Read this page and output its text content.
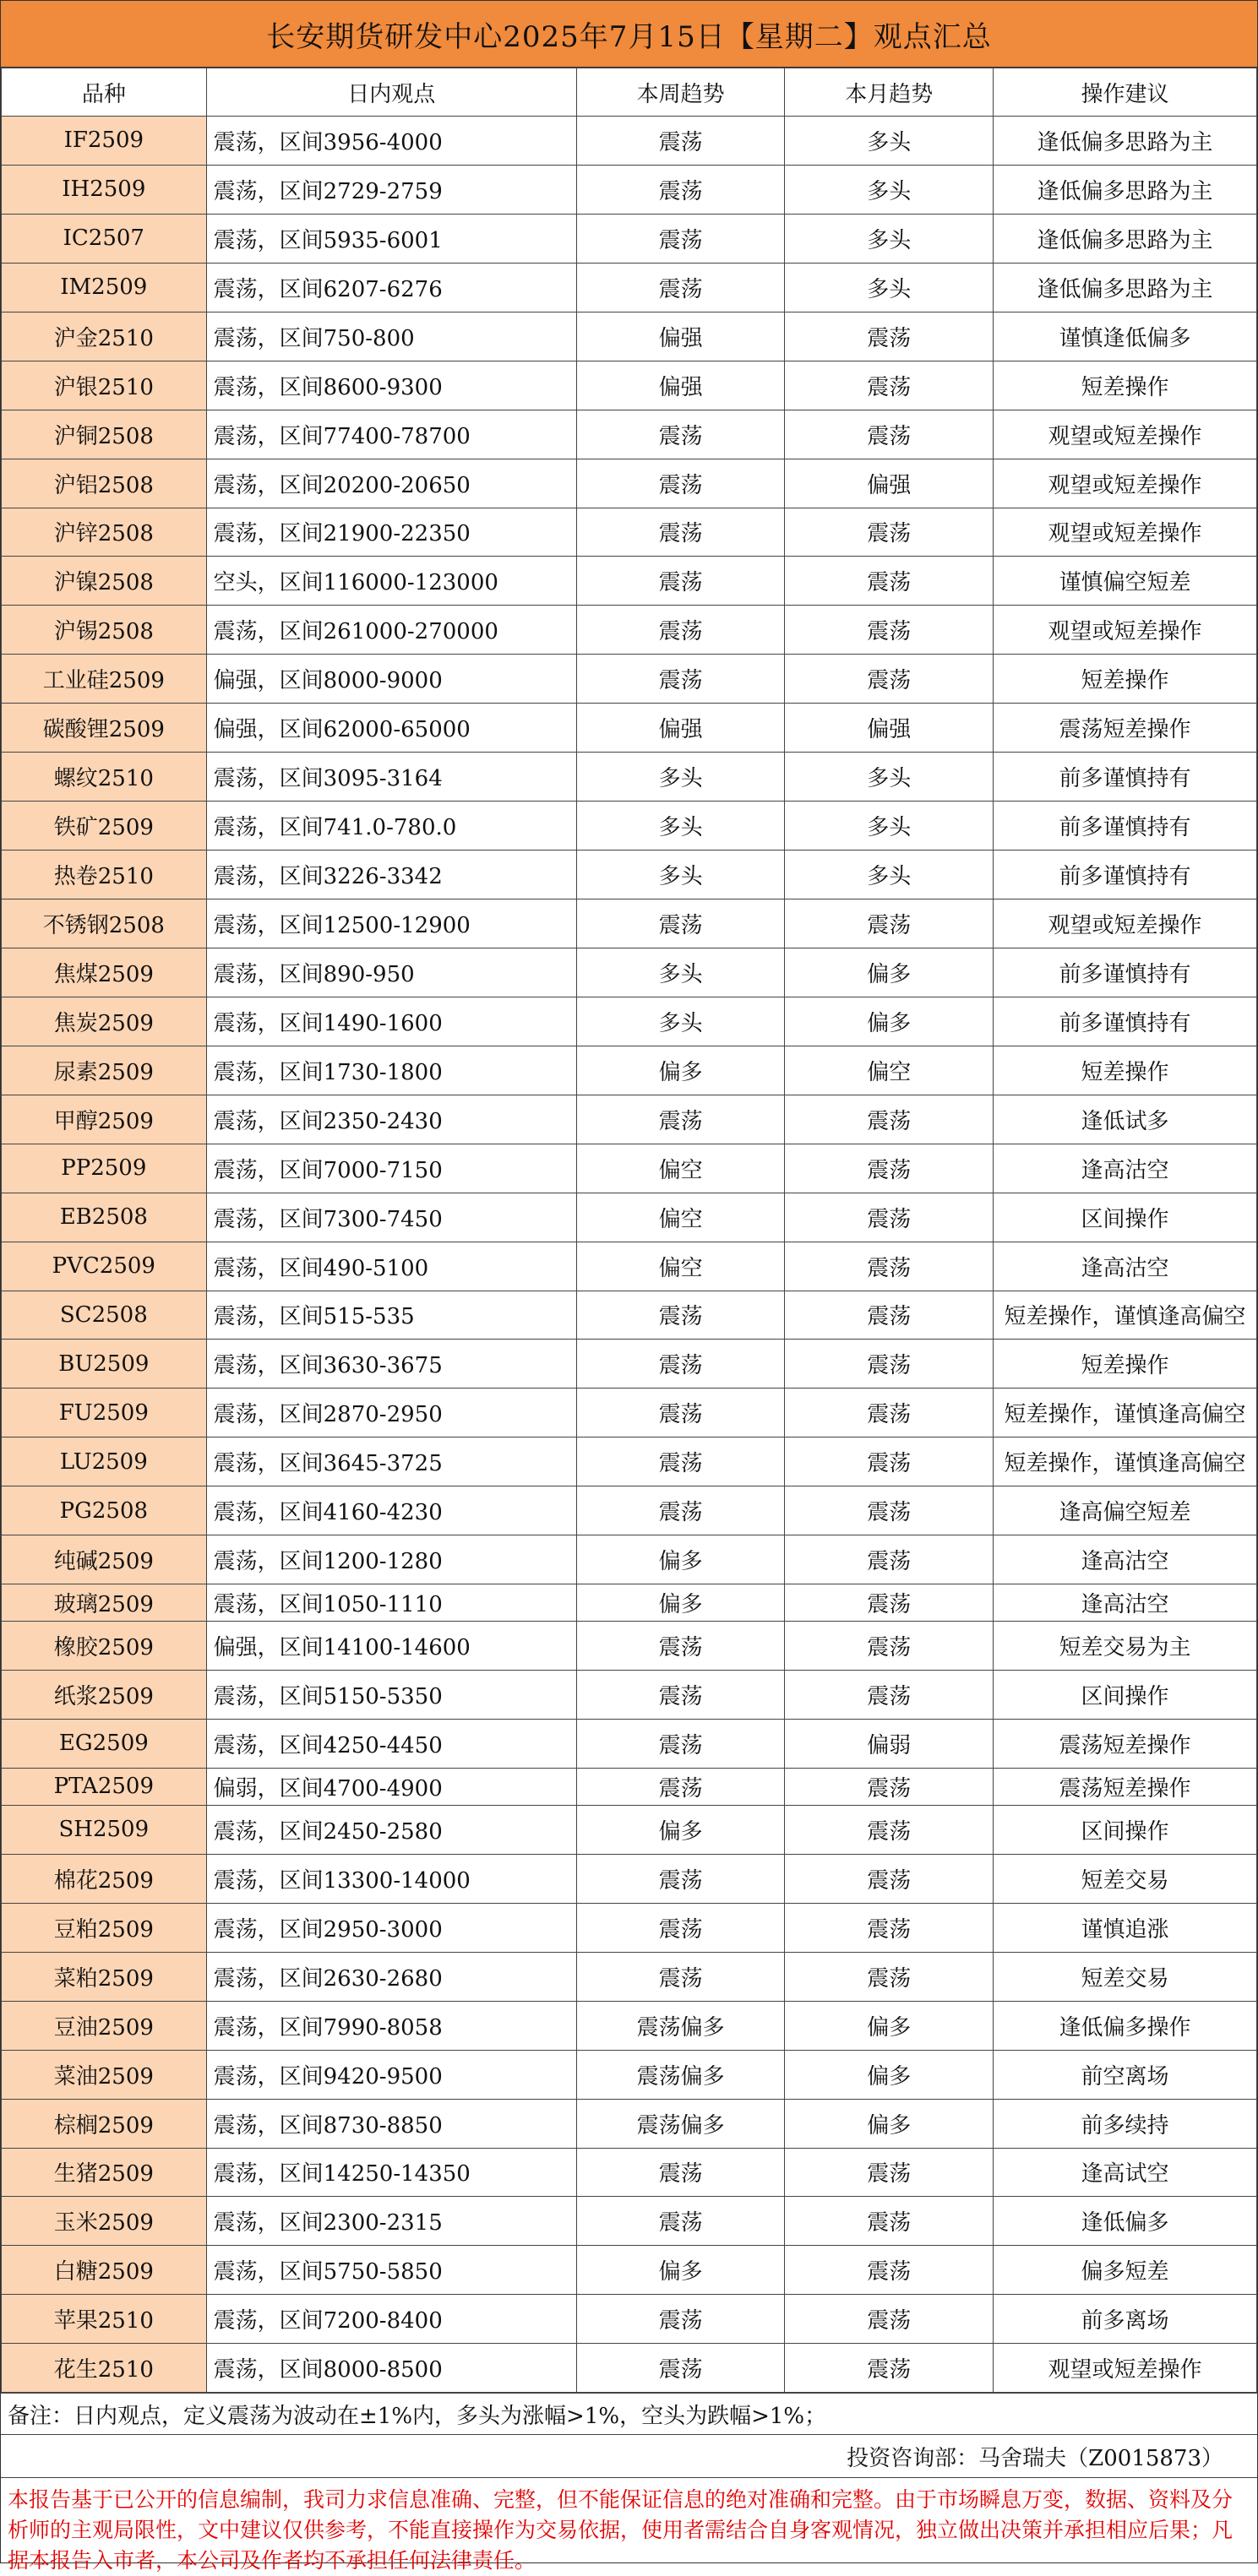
长安期货研发中心2025年7月15日【星期二】观点汇总
品种	日内观点	本周趋势	本月趋势	操作建议
IF2509	震荡，区间3956-4000	震荡	多头	逢低偏多思路为主
IH2509	震荡，区间2729-2759	震荡	多头	逢低偏多思路为主
IC2507	震荡，区间5935-6001	震荡	多头	逢低偏多思路为主
IM2509	震荡，区间6207-6276	震荡	多头	逢低偏多思路为主
沪金2510	震荡，区间750-800	偏强	震荡	谨慎逢低偏多
沪银2510	震荡，区间8600-9300	偏强	震荡	短差操作
沪铜2508	震荡，区间77400-78700	震荡	震荡	观望或短差操作
沪铝2508	震荡，区间20200-20650	震荡	偏强	观望或短差操作
沪锌2508	震荡，区间21900-22350	震荡	震荡	观望或短差操作
沪镍2508	空头，区间116000-123000	震荡	震荡	谨慎偏空短差
沪锡2508	震荡，区间261000-270000	震荡	震荡	观望或短差操作
工业硅2509	偏强，区间8000-9000	震荡	震荡	短差操作
碳酸锂2509	偏强，区间62000-65000	偏强	偏强	震荡短差操作
螺纹2510	震荡，区间3095-3164	多头	多头	前多谨慎持有
铁矿2509	震荡，区间741.0-780.0	多头	多头	前多谨慎持有
热卷2510	震荡，区间3226-3342	多头	多头	前多谨慎持有
不锈钢2508	震荡，区间12500-12900	震荡	震荡	观望或短差操作
焦煤2509	震荡，区间890-950	多头	偏多	前多谨慎持有
焦炭2509	震荡，区间1490-1600	多头	偏多	前多谨慎持有
尿素2509	震荡，区间1730-1800	偏多	偏空	短差操作
甲醇2509	震荡，区间2350-2430	震荡	震荡	逢低试多
PP2509	震荡，区间7000-7150	偏空	震荡	逢高沽空
EB2508	震荡，区间7300-7450	偏空	震荡	区间操作
PVC2509	震荡，区间490-5100	偏空	震荡	逢高沽空
SC2508	震荡，区间515-535	震荡	震荡	短差操作，谨慎逢高偏空
BU2509	震荡，区间3630-3675	震荡	震荡	短差操作
FU2509	震荡，区间2870-2950	震荡	震荡	短差操作，谨慎逢高偏空
LU2509	震荡，区间3645-3725	震荡	震荡	短差操作，谨慎逢高偏空
PG2508	震荡，区间4160-4230	震荡	震荡	逢高偏空短差
纯碱2509	震荡，区间1200-1280	偏多	震荡	逢高沽空
玻璃2509	震荡，区间1050-1110	偏多	震荡	逢高沽空
橡胶2509	偏强，区间14100-14600	震荡	震荡	短差交易为主
纸浆2509	震荡，区间5150-5350	震荡	震荡	区间操作
EG2509	震荡，区间4250-4450	震荡	偏弱	震荡短差操作
PTA2509	偏弱，区间4700-4900	震荡	震荡	震荡短差操作
SH2509	震荡，区间2450-2580	偏多	震荡	区间操作
棉花2509	震荡，区间13300-14000	震荡	震荡	短差交易
豆粕2509	震荡，区间2950-3000	震荡	震荡	谨慎追涨
菜粕2509	震荡，区间2630-2680	震荡	震荡	短差交易
豆油2509	震荡，区间7990-8058	震荡偏多	偏多	逢低偏多操作
菜油2509	震荡，区间9420-9500	震荡偏多	偏多	前空离场
棕榈2509	震荡，区间8730-8850	震荡偏多	偏多	前多续持
生猪2509	震荡，区间14250-14350	震荡	震荡	逢高试空
玉米2509	震荡，区间2300-2315	震荡	震荡	逢低偏多
白糖2509	震荡，区间5750-5850	偏多	震荡	偏多短差
苹果2510	震荡，区间7200-8400	震荡	震荡	前多离场
花生2510	震荡，区间8000-8500	震荡	震荡	观望或短差操作
备注：日内观点，定义震荡为波动在±1%内，多头为涨幅>1%，空头为跌幅>1%；
投资咨询部：马舍瑞夫（Z0015873）
本报告基于已公开的信息编制，我司力求信息准确、完整，但不能保证信息的绝对准确和完整。由于市场瞬息万变，数据、资料及分析师的主观局限性，文中建议仅供参考，不能直接操作为交易依据，使用者需结合自身客观情况，独立做出决策并承担相应后果；凡据本报告入市者，本公司及作者均不承担任何法律责任。
